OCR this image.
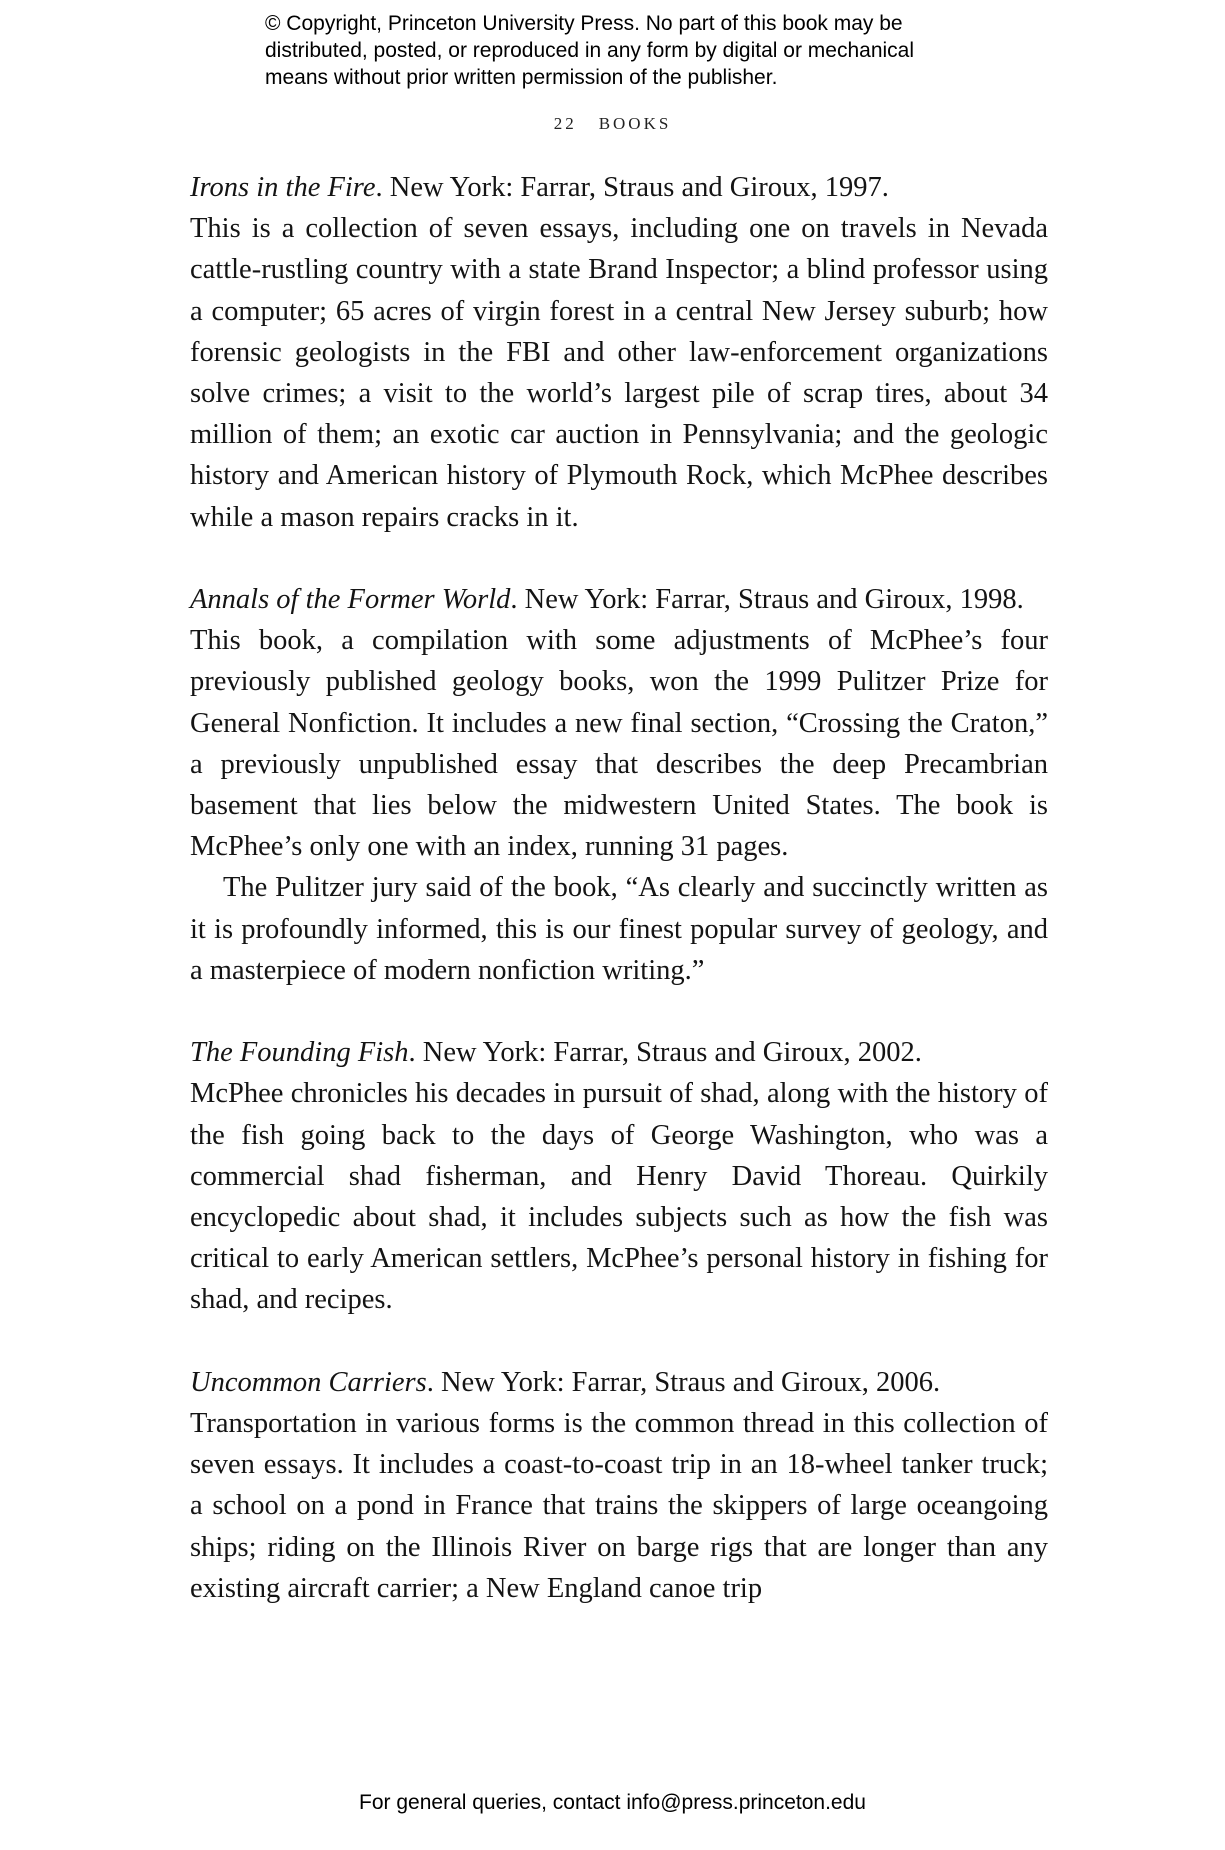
© Copyright, Princeton University Press. No part of this book may be
distributed, posted, or reproduced in any form by digital or mechanical
means without prior written permission of the publisher.
22 BOOKS

Irons in the Fire. New York: Farrar, Straus and Giroux, 1997.

This is a collection of seven essays, including one on travels in Nevada cattle-rustling country with a state Brand Inspector; a blind professor using a computer; 65 acres of virgin forest in a central New Jersey suburb; how forensic geologists in the FBI and other law-enforcement organizations solve crimes; a visit to the world’s largest pile of scrap tires, about 34 million of them; an exotic car auction in Pennsylvania; and the geologic history and American history of Plymouth Rock, which McPhee describes while a mason repairs cracks in it.

Annals of the Former World. New York: Farrar, Straus and Giroux, 1998.

This book, a compilation with some adjustments of McPhee’s four previously published geology books, won the 1999 Pulitzer Prize for General Nonfiction. It includes a new final section, “Crossing the Craton,” a previously unpublished essay that describes the deep Precambrian basement that lies below the midwestern United States. The book is McPhee’s only one with an index, running 31 pages.

The Pulitzer jury said of the book, “As clearly and succinctly written as it is profoundly informed, this is our finest popular survey of geology, and a masterpiece of modern nonfiction writing.”

The Founding Fish. New York: Farrar, Straus and Giroux, 2002.

McPhee chronicles his decades in pursuit of shad, along with the history of the fish going back to the days of George Washington, who was a commercial shad fisherman, and Henry David Thoreau. Quirkily encyclopedic about shad, it includes subjects such as how the fish was critical to early American settlers, McPhee’s personal history in fishing for shad, and recipes.

Uncommon Carriers. New York: Farrar, Straus and Giroux, 2006.

Transportation in various forms is the common thread in this collection of seven essays. It includes a coast-to-coast trip in an 18-wheel tanker truck; a school on a pond in France that trains the skippers of large oceangoing ships; riding on the Illinois River on barge rigs that are longer than any existing aircraft carrier; a New England canoe trip

For general queries, contact info@press.princeton.edu
